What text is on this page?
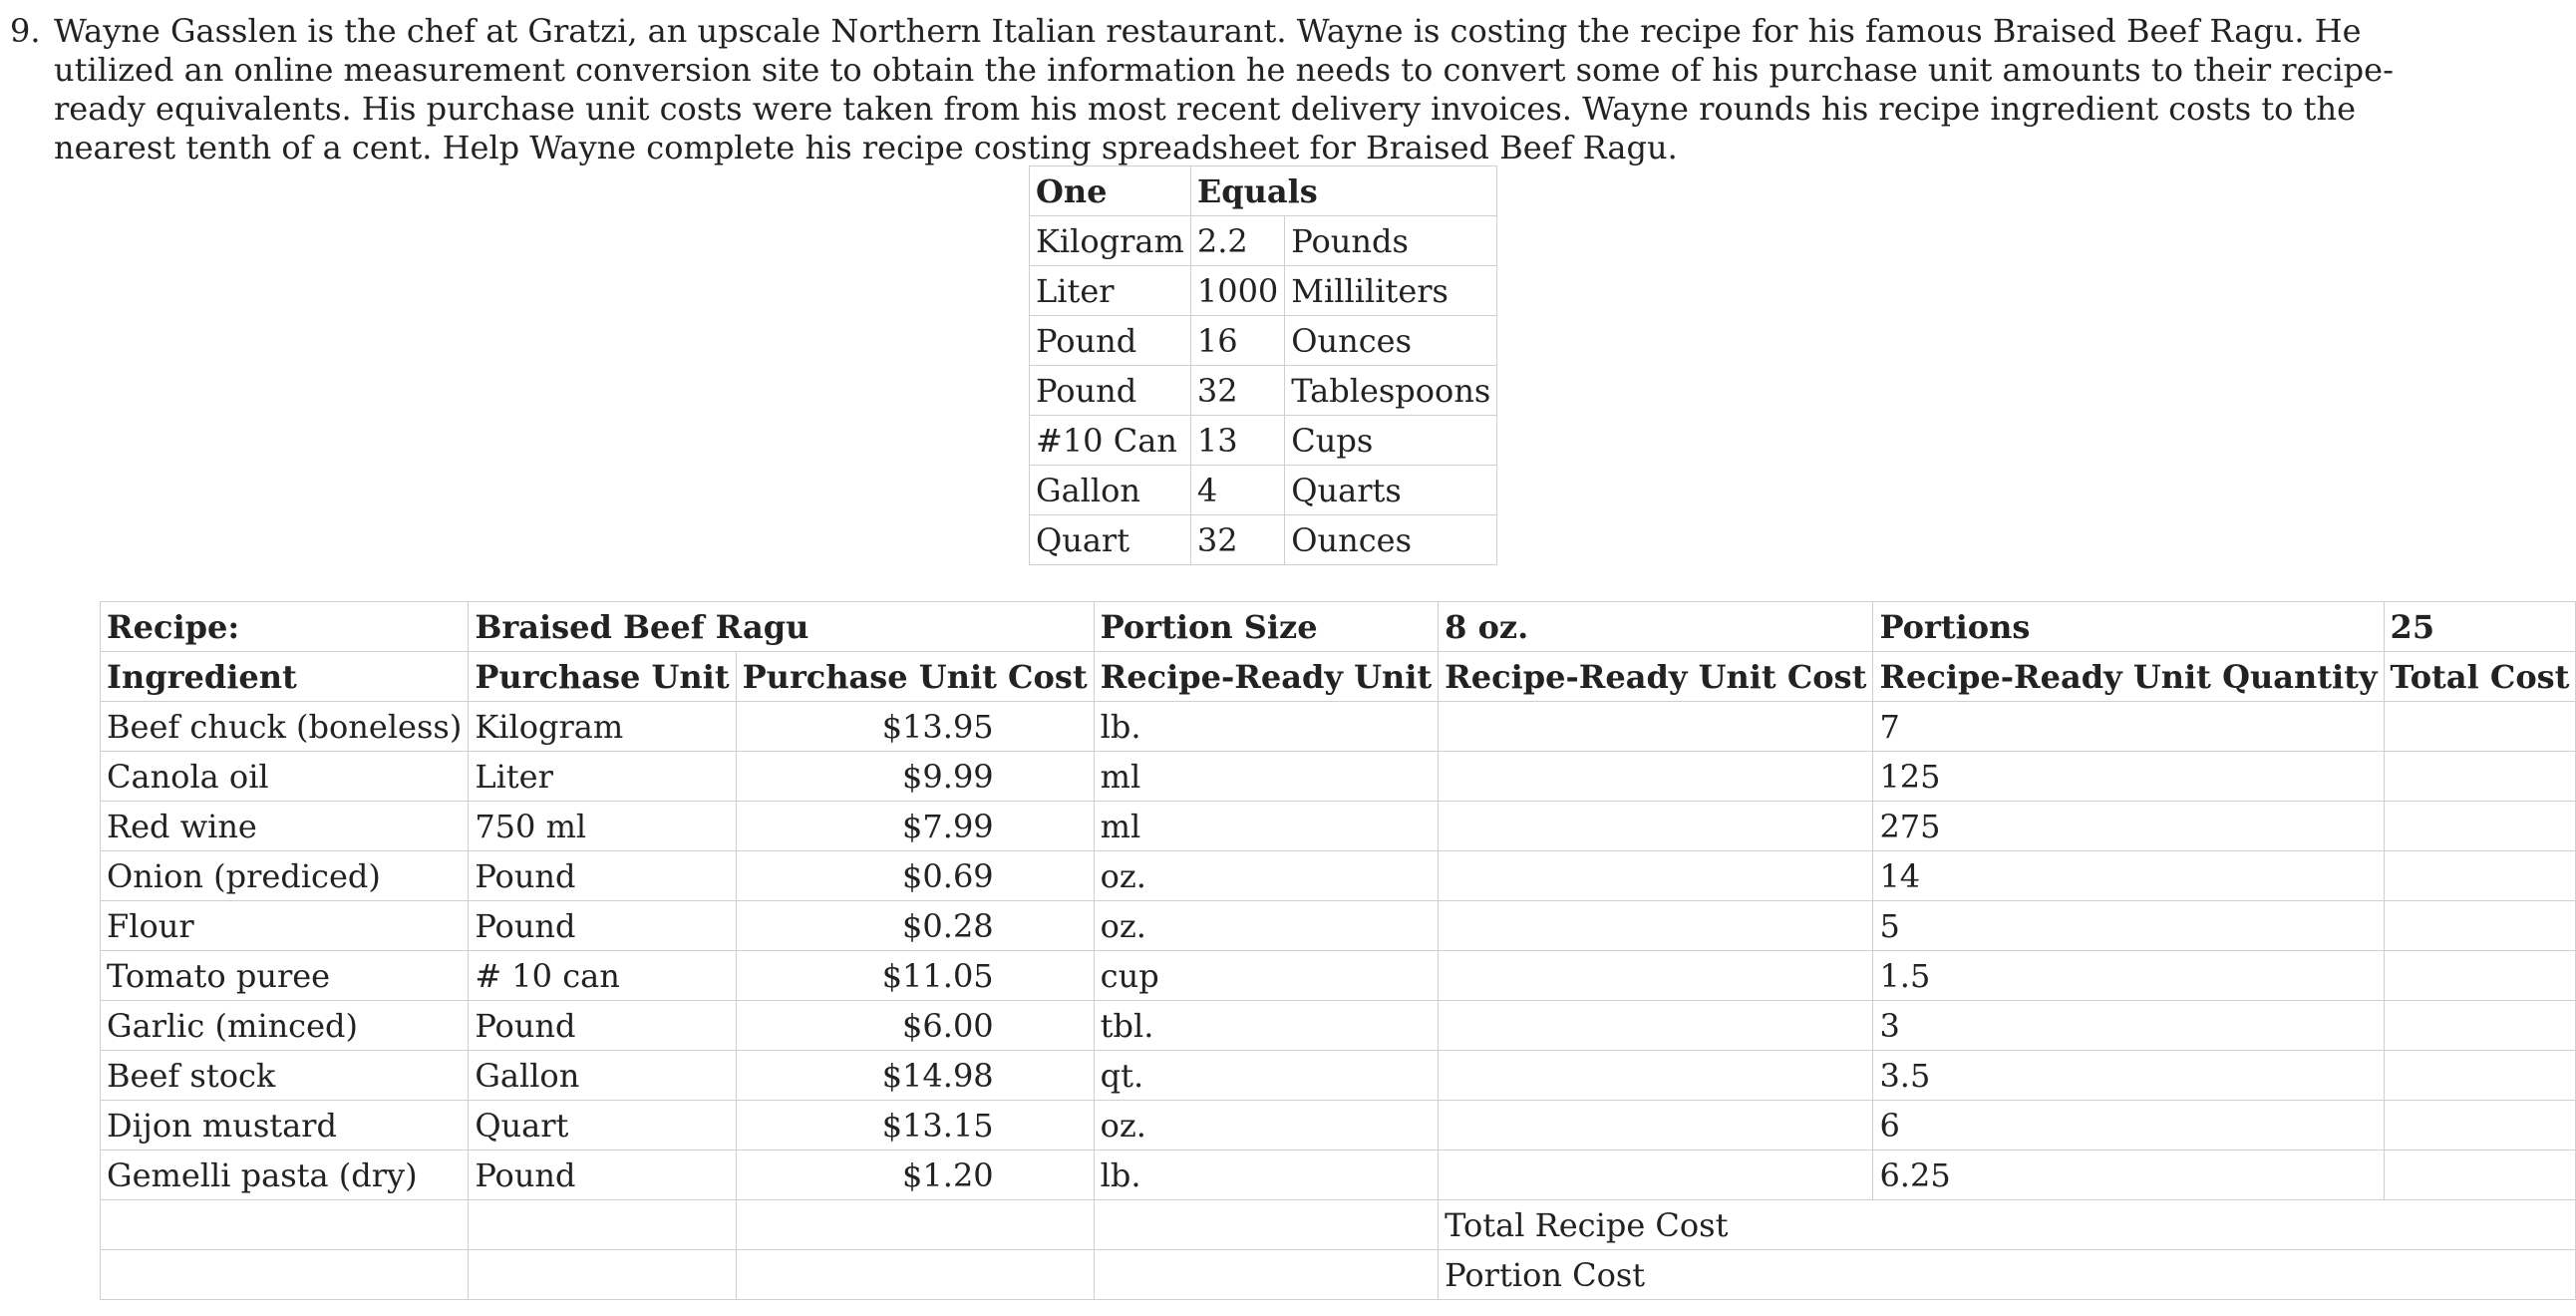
9. Wayne Gasslen is the chef at Gratzi, an upscale Northern Italian restaurant. Wayne is costing the recipe for his famous Braised Beef Ragu. He utilized an online measurement conversion site to obtain the information he needs to convert some of his purchase unit amounts to their recipe-ready equivalents. His purchase unit costs were taken from his most recent delivery invoices. Wayne rounds his recipe ingredient costs to the nearest tenth of a cent. Help Wayne complete his recipe costing spreadsheet for Braised Beef Ragu.
One	Equals	
Kilogram	2.2	Pounds
Liter	1000	Milliliters
Pound	16	Ounces
Pound	32	Tablespoons
#10 Can	13	Cups
Gallon	4	Quarts
Quart	32	Ounces
Recipe:	Braised Beef Ragu		Portion Size	8 oz.	Portions	25
Ingredient	Purchase Unit	Purchase Unit Cost	Recipe-Ready Unit	Recipe-Ready Unit Cost	Recipe-Ready Unit Quantity	Total Cost
Beef chuck (boneless)	Kilogram	$13.95	lb.		7	
Canola oil	Liter	$9.99	ml		125	
Red wine	750 ml	$7.99	ml		275	
Onion (prediced)	Pound	$0.69	oz.		14	
Flour	Pound	$0.28	oz.		5	
Tomato puree	# 10 can	$11.05	cup		1.5	
Garlic (minced)	Pound	$6.00	tbl.		3	
Beef stock	Gallon	$14.98	qt.		3.5	
Dijon mustard	Quart	$13.15	oz.		6	
Gemelli pasta (dry)	Pound	$1.20	lb.		6.25	
				Total Recipe Cost		
				Portion Cost		
